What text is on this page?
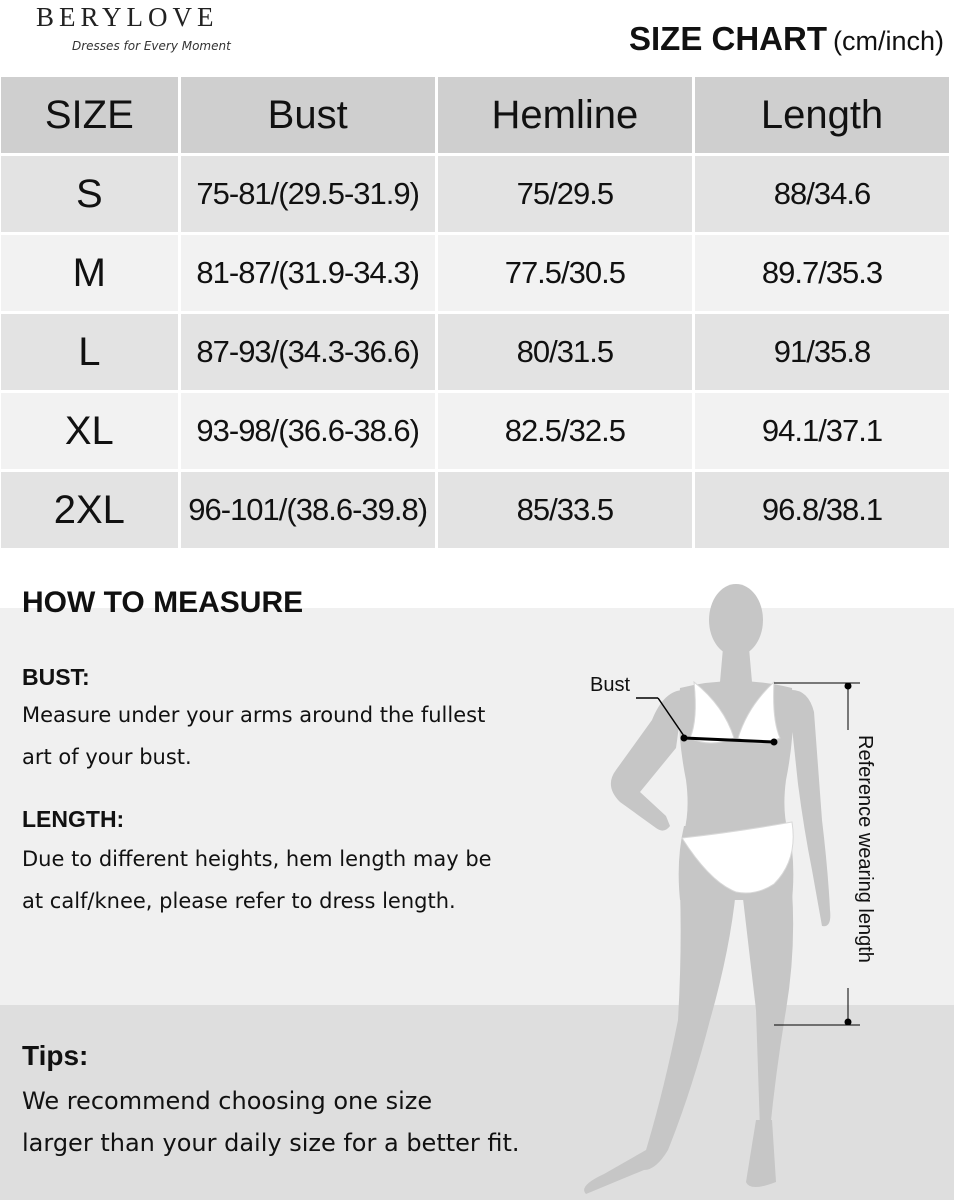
BERYLOVE
Dresses for Every Moment	SIZE CHART (cm/inch)
SIZE	Bust	Hemline	Length
S	75-81/(29.5-31.9)	75/29.5	88/34.6
M	81-87/(31.9-34.3)	77.5/30.5	89.7/35.3
L	87-93/(34.3-36.6)	80/31.5	91/35.8
XL	93-98/(36.6-38.6)	82.5/32.5	94.1/37.1
2XL	96-101/(38.6-39.8)	85/33.5	96.8/38.1
Bust
Reference wearing length
HOW TO MEASURE
BUST:
Measure under your arms around the fullest
art of your bust.
LENGTH:
Due to different heights, hem length may be
at calf/knee, please refer to dress length.
Tips:
We recommend choosing one size
larger than your daily size for a better fit.
